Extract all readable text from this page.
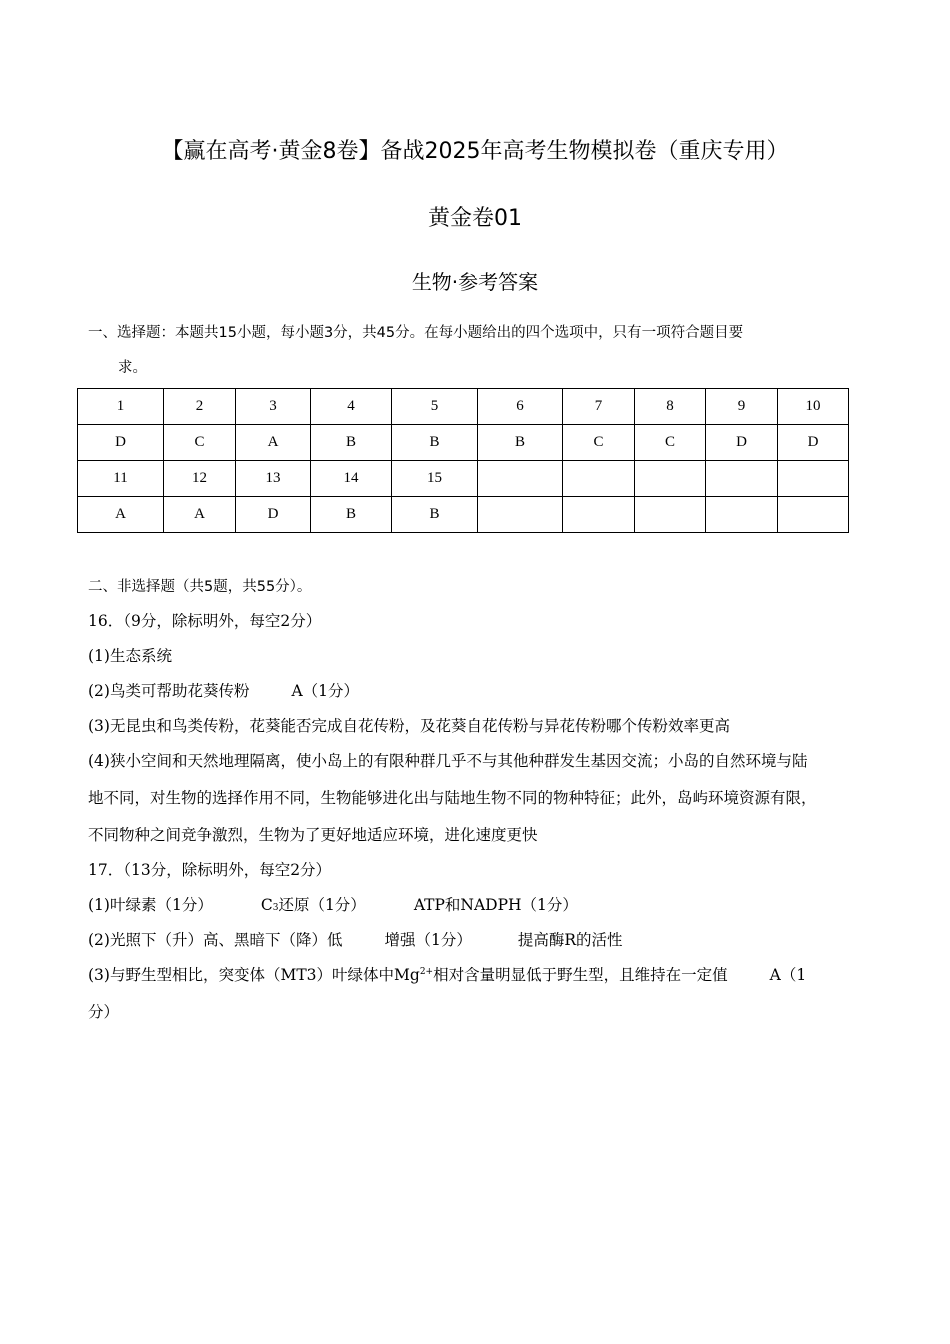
【赢在高考·黄金8卷】备战2025年高考生物模拟卷（重庆专用）
黄金卷01
生物·参考答案
一、选择题：本题共15小题，每小题3分，共45分。在每小题给出的四个选项中，只有一项符合题目要
求。
1	2	3	4	5	6	7	8	9	10
D	C	A	B	B	B	C	C	D	D
11	12	13	14	15					
A	A	D	B	B					
二、非选择题（共5题，共55分）。
16．（9分，除标明外，每空2分）
(1)生态系统
(2)鸟类可帮助花葵传粉	A（1分）
(3)无昆虫和鸟类传粉，花葵能否完成自花传粉，及花葵自花传粉与异花传粉哪个传粉效率更高
(4)狭小空间和天然地理隔离，使小岛上的有限种群几乎不与其他种群发生基因交流；小岛的自然环境与陆
地不同，对生物的选择作用不同，生物能够进化出与陆地生物不同的物种特征；此外，岛屿环境资源有限，
不同物种之间竞争激烈，生物为了更好地适应环境，进化速度更快
17．（13分，除标明外，每空2分）
(1)叶绿素（1分）	C3还原（1分）	ATP和NADPH（1分）
(2)光照下（升）高、黑暗下（降）低	增强（1分）	提高酶R的活性
(3)与野生型相比，突变体（MT3）叶绿体中$Mg^{2+}$相对含量明显低于野生型，且维持在一定值	A（1
分）
